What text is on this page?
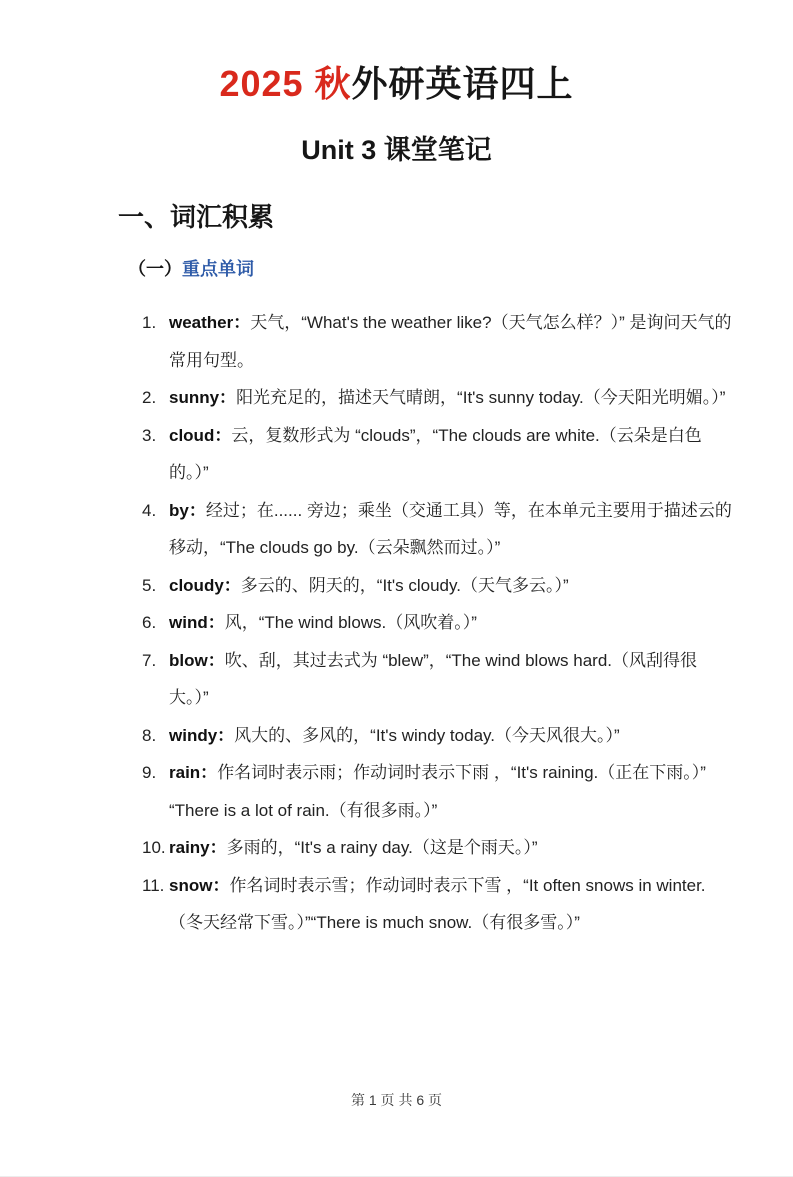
2025 秋外研英语四上
Unit 3 课堂笔记
一、词汇积累
（一）重点单词
1. weather：天气，“What's the weather like?（天气怎么样？）” 是询问天气的常用句型。
2. sunny：阳光充足的，描述天气晴朗，“It's sunny today.（今天阳光明媚。）”
3. cloud：云，复数形式为 “clouds”，“The clouds are white.（云朵是白色的。）”
4. by：经过；在...... 旁边；乘坐（交通工具）等，在本单元主要用于描述云的移动，“The clouds go by.（云朵飘然而过。）”
5. cloudy：多云的、阴天的，“It's cloudy.（天气多云。）”
6. wind：风，“The wind blows.（风吹着。）”
7. blow：吹、刮，其过去式为 “blew”，“The wind blows hard.（风刮得很大。）”
8. windy：风大的、多风的，“It's windy today.（今天风很大。）”
9. rain：作名词时表示雨；作动词时表示下雨 ，“It's raining.（正在下雨。）”“There is a lot of rain.（有很多雨。）”
10. rainy：多雨的，“It's a rainy day.（这是个雨天。）”
11. snow：作名词时表示雪；作动词时表示下雪 ，“It often snows in winter.（冬天经常下雪。）”“There is much snow.（有很多雪。）”
第 1 页 共 6 页
